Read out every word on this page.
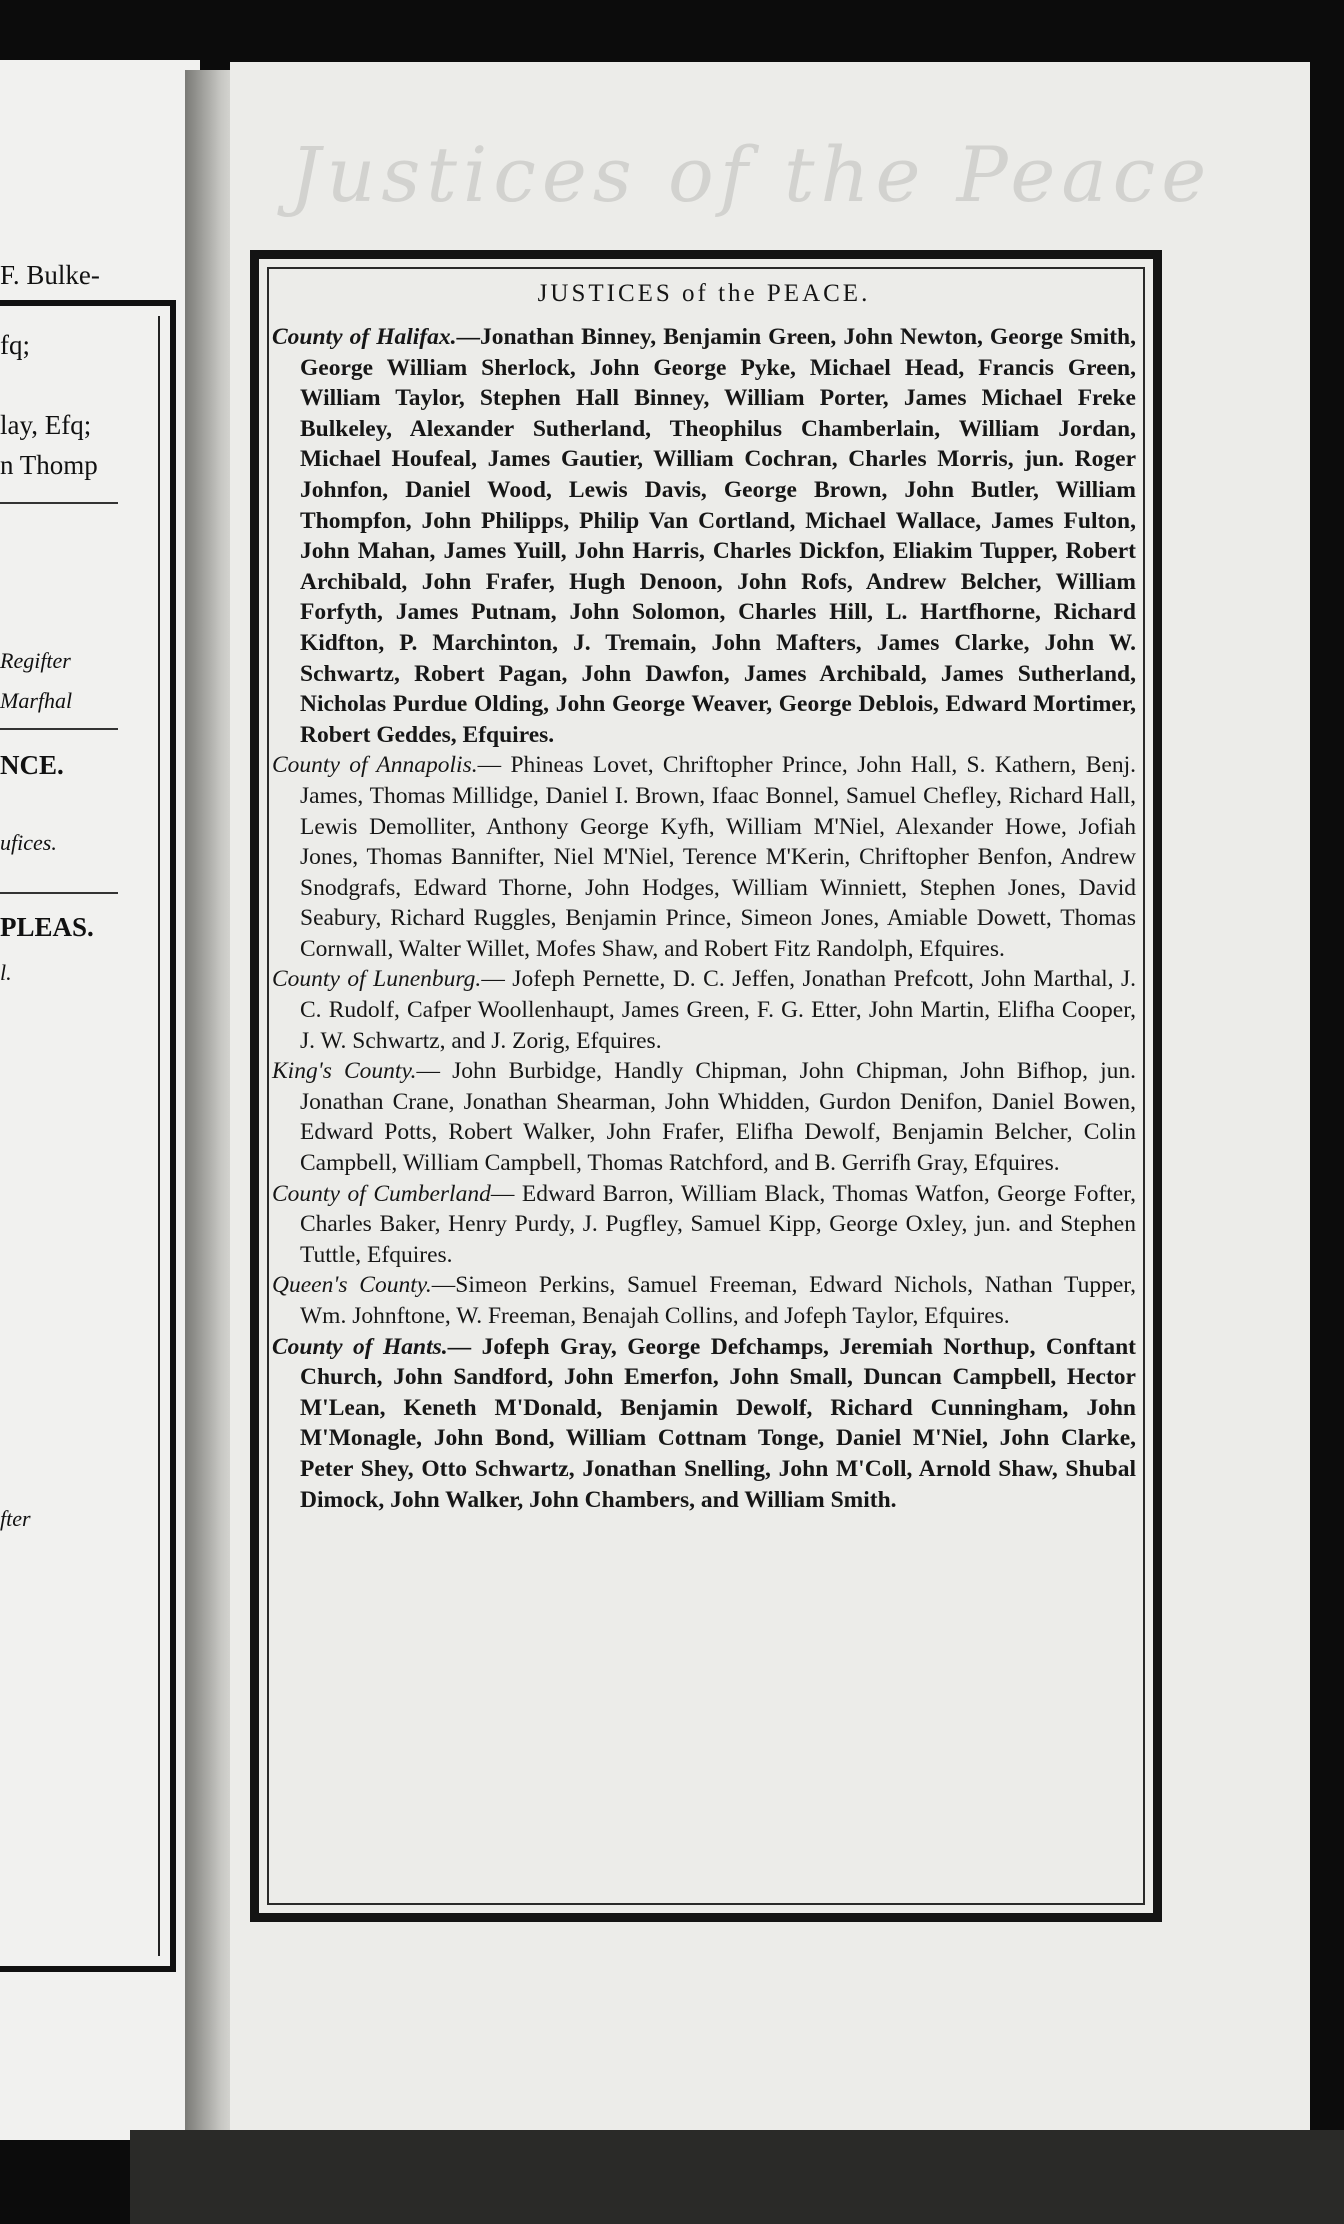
F. Bulke-
fq;
lay, Efq;
n Thomp
Regifter
Marfhal
NCE.
ufices.
PLEAS.
l.
fter
Justices of the Peace
JUSTICES of the PEACE.

County of Halifax.—Jonathan Binney, Benjamin Green, John Newton, George Smith, George William Sherlock, John George Pyke, Michael Head, Francis Green, William Taylor, Stephen Hall Binney, William Porter, James Michael Freke Bulkeley, Alexander Sutherland, Theophilus Chamberlain, William Jordan, Michael Houfeal, James Gautier, William Cochran, Charles Morris, jun. Roger Johnfon, Daniel Wood, Lewis Davis, George Brown, John Butler, William Thompfon, John Philipps, Philip Van Cortland, Michael Wallace, James Fulton, John Mahan, James Yuill, John Harris, Charles Dickfon, Eliakim Tupper, Robert Archibald, John Frafer, Hugh Denoon, John Rofs, Andrew Belcher, William Forfyth, James Putnam, John Solomon, Charles Hill, L. Hartfhorne, Richard Kidfton, P. Marchinton, J. Tremain, John Mafters, James Clarke, John W. Schwartz, Robert Pagan, John Dawfon, James Archibald, James Sutherland, Nicholas Purdue Olding, John George Weaver, George Deblois, Edward Mortimer, Robert Geddes, Efquires.

County of Annapolis.— Phineas Lovet, Chriftopher Prince, John Hall, S. Kathern, Benj. James, Thomas Millidge, Daniel I. Brown, Ifaac Bonnel, Samuel Chefley, Richard Hall, Lewis Demolliter, Anthony George Kyfh, William M'Niel, Alexander Howe, Jofiah Jones, Thomas Bannifter, Niel M'Niel, Terence M'Kerin, Chriftopher Benfon, Andrew Snodgrafs, Edward Thorne, John Hodges, William Winniett, Stephen Jones, David Seabury, Richard Ruggles, Benjamin Prince, Simeon Jones, Amiable Dowett, Thomas Cornwall, Walter Willet, Mofes Shaw, and Robert Fitz Randolph, Efquires.

County of Lunenburg.— Jofeph Pernette, D. C. Jeffen, Jonathan Prefcott, John Marthal, J. C. Rudolf, Cafper Woollenhaupt, James Green, F. G. Etter, John Martin, Elifha Cooper, J. W. Schwartz, and J. Zorig, Efquires.

King's County.— John Burbidge, Handly Chipman, John Chipman, John Bifhop, jun. Jonathan Crane, Jonathan Shearman, John Whidden, Gurdon Denifon, Daniel Bowen, Edward Potts, Robert Walker, John Frafer, Elifha Dewolf, Benjamin Belcher, Colin Campbell, William Campbell, Thomas Ratchford, and B. Gerrifh Gray, Efquires.

County of Cumberland— Edward Barron, William Black, Thomas Watfon, George Fofter, Charles Baker, Henry Purdy, J. Pugfley, Samuel Kipp, George Oxley, jun. and Stephen Tuttle, Efquires.

Queen's County.—Simeon Perkins, Samuel Freeman, Edward Nichols, Nathan Tupper, Wm. Johnftone, W. Freeman, Benajah Collins, and Jofeph Taylor, Efquires.

County of Hants.— Jofeph Gray, George Defchamps, Jeremiah Northup, Conftant Church, John Sandford, John Emerfon, John Small, Duncan Campbell, Hector M'Lean, Keneth M'Donald, Benjamin Dewolf, Richard Cunningham, John M'Monagle, John Bond, William Cottnam Tonge, Daniel M'Niel, John Clarke, Peter Shey, Otto Schwartz, Jonathan Snelling, John M'Coll, Arnold Shaw, Shubal Dimock, John Walker, John Chambers, and William Smith.
